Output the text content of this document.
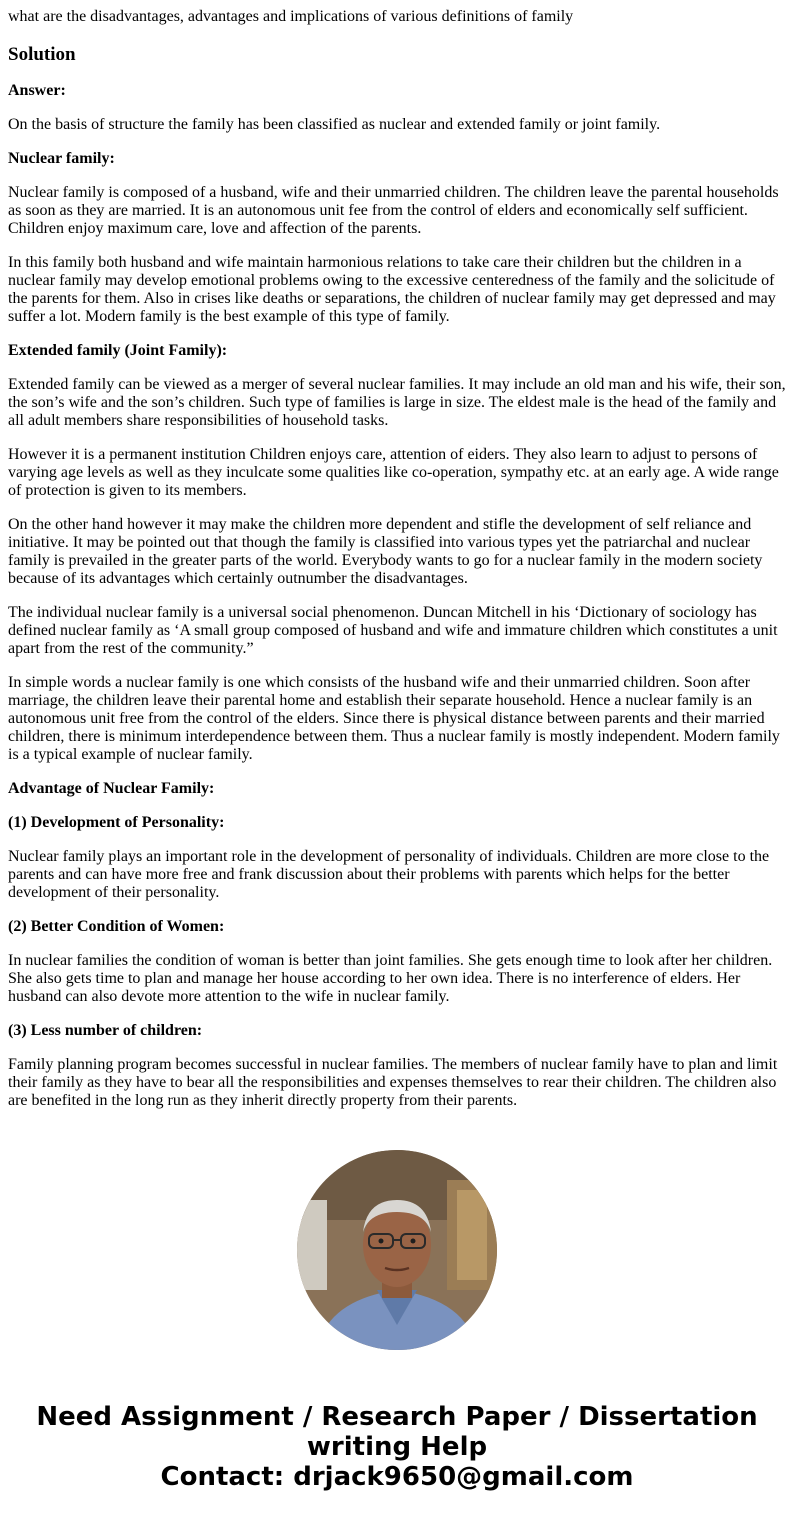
what are the disadvantages, advantages and implications of various definitions of family
Solution
Answer:
On the basis of structure the family has been classified as nuclear and extended family or joint family.
Nuclear family:
Nuclear family is composed of a husband, wife and their unmarried children. The children leave the parental households as soon as they are married. It is an autonomous unit fee from the control of elders and economically self sufficient. Children enjoy maximum care, love and affection of the parents.
In this family both husband and wife maintain harmonious relations to take care their children but the children in a nuclear family may develop emotional problems owing to the excessive centeredness of the family and the solicitude of the parents for them. Also in crises like deaths or separations, the children of nuclear family may get depressed and may suffer a lot. Modern family is the best example of this type of family.
Extended family (Joint Family):
Extended family can be viewed as a merger of several nuclear families. It may include an old man and his wife, their son, the son’s wife and the son’s children. Such type of families is large in size. The eldest male is the head of the family and all adult members share responsibilities of household tasks.
However it is a permanent institution Children enjoys care, attention of eiders. They also learn to adjust to persons of varying age levels as well as they inculcate some qualities like co-operation, sympathy etc. at an early age. A wide range of protection is given to its members.
On the other hand however it may make the children more dependent and stifle the development of self reliance and initiative. It may be pointed out that though the family is classified into various types yet the patriarchal and nuclear family is prevailed in the greater parts of the world. Everybody wants to go for a nuclear family in the modern society because of its advantages which certainly outnumber the disadvantages.
The individual nuclear family is a universal social phenomenon. Duncan Mitchell in his ‘Dictionary of sociology has defined nuclear family as ‘A small group composed of husband and wife and immature children which constitutes a unit apart from the rest of the community.”
In simple words a nuclear family is one which consists of the husband wife and their unmarried children. Soon after marriage, the children leave their parental home and establish their separate household. Hence a nuclear family is an autonomous unit free from the control of the elders. Since there is physical distance between parents and their married children, there is minimum interdependence between them. Thus a nuclear family is mostly independent. Modern family is a typical example of nuclear family.
Advantage of Nuclear Family:
(1) Development of Personality:
Nuclear family plays an important role in the development of personality of individuals. Children are more close to the parents and can have more free and frank discussion about their problems with parents which helps for the better development of their personality.
(2) Better Condition of Women:
In nuclear families the condition of woman is better than joint families. She gets enough time to look after her children. She also gets time to plan and manage her house according to her own idea. There is no interference of elders. Her husband can also devote more attention to the wife in nuclear family.
(3) Less number of children:
Family planning program becomes successful in nuclear families. The members of nuclear family have to plan and limit their family as they have to bear all the responsibilities and expenses themselves to rear their children. The children also are benefited in the long run as they inherit directly property from their parents.
Need Assignment / Research Paper / Dissertation
writing Help
Contact: drjack9650@gmail.com
